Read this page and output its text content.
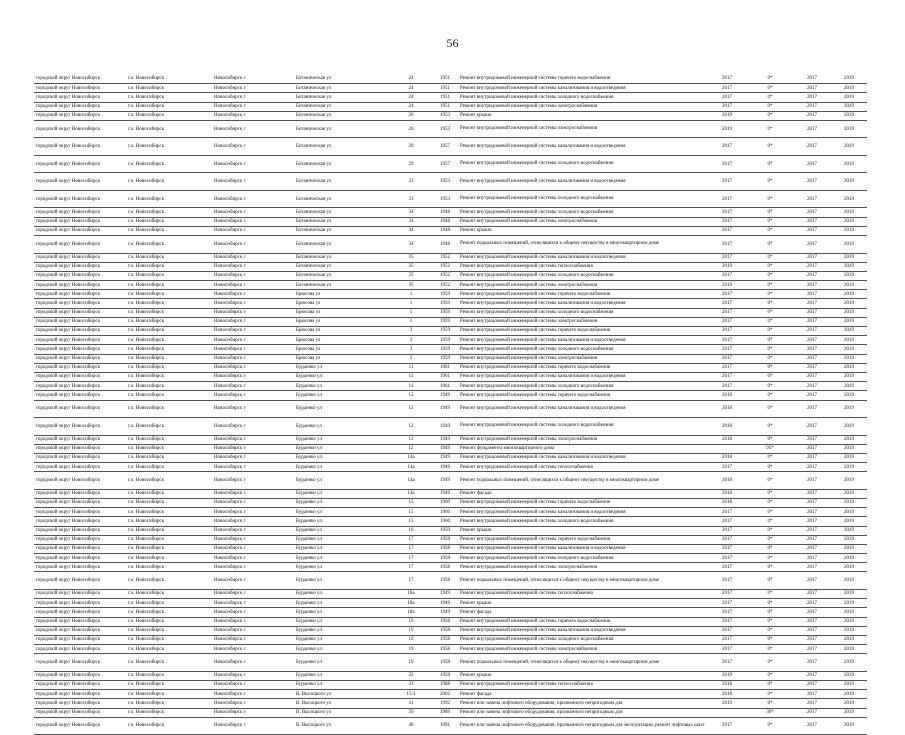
56
городской округ Новосибирск	г.о. Новосибирск	Новосибирск г	Ботаническая ул	24	1951	Ремонт внутридомовой инженерной системы горячего водоснабжения	2017	0*	2017	2019
городской округ Новосибирск	г.о. Новосибирск	Новосибирск г	Ботаническая ул	24	1951	Ремонт внутридомовой инженерной системы канализования и водоотведения	2017	0*	2017	2019
городской округ Новосибирск	г.о. Новосибирск	Новосибирск г	Ботаническая ул	24	1951	Ремонт внутридомовой инженерной системы холодного водоснабжения	2017	0*	2017	2019
городской округ Новосибирск	г.о. Новосибирск	Новосибирск г	Ботаническая ул	24	1951	Ремонт внутридомовой инженерной системы электроснабжения	2017	0*	2017	2019
городской округ Новосибирск	г.о. Новосибирск	Новосибирск г	Ботаническая ул	26	1953	Ремонт крыши	2019	0*	2017	2019
городской округ Новосибирск	г.о. Новосибирск	Новосибирск г	Ботаническая ул	26	1953	Ремонт внутридомовой инженерной системы электроснабжения	2019	0*	2017	2019
городской округ Новосибирск	г.о. Новосибирск	Новосибирск г	Ботаническая ул	29	1957	Ремонт внутридомовой инженерной системы канализования и водоотведения	2017	0*	2017	2019
городской округ Новосибирск	г.о. Новосибирск	Новосибирск г	Ботаническая ул	29	1957	Ремонт внутридомовой инженерной системы холодного водоснабжения	2017	0*	2017	2019
городской округ Новосибирск	г.о. Новосибирск	Новосибирск г	Ботаническая ул	33	1953	Ремонт внутридомовой инженерной системы канализования и водоотведения	2017	0*	2017	2019
городской округ Новосибирск	г.о. Новосибирск	Новосибирск г	Ботаническая ул	33	1953	Ремонт внутридомовой инженерной системы холодного водоснабжения	2017	0*	2017	2019
городской округ Новосибирск	г.о. Новосибирск	Новосибирск г	Ботаническая ул	34	1948	Ремонт внутридомовой инженерной системы холодного водоснабжения	2017	0*	2017	2019
городской округ Новосибирск	г.о. Новосибирск	Новосибирск г	Ботаническая ул	34	1948	Ремонт внутридомовой инженерной системы электроснабжения	2017	0*	2017	2019
городской округ Новосибирск	г.о. Новосибирск	Новосибирск г	Ботаническая ул	34	1948	Ремонт крыши	2017	0*	2017	2019
городской округ Новосибирск	г.о. Новосибирск	Новосибирск г	Ботаническая ул	34	1948	Ремонт подвальных помещений, относящихся к общему имуществу в многоквартирном доме	2017	0*	2017	2019
городской округ Новосибирск	г.о. Новосибирск	Новосибирск г	Ботаническая ул	35	1952	Ремонт внутридомовой инженерной системы канализования и водоотведения	2017	0*	2017	2019
городской округ Новосибирск	г.о. Новосибирск	Новосибирск г	Ботаническая ул	35	1952	Ремонт внутридомовой инженерной системы теплоснабжения	2019	0*	2017	2019
городской округ Новосибирск	г.о. Новосибирск	Новосибирск г	Ботаническая ул	35	1952	Ремонт внутридомовой инженерной системы холодного водоснабжения	2017	0*	2017	2019
городской округ Новосибирск	г.о. Новосибирск	Новосибирск г	Ботаническая ул	35	1952	Ремонт внутридомовой инженерной системы электроснабжения	2019	0*	2017	2019
городской округ Новосибирск	г.о. Новосибирск	Новосибирск г	Брюсова ул	1	1959	Ремонт внутридомовой инженерной системы горячего водоснабжения	2017	0*	2017	2019
городской округ Новосибирск	г.о. Новосибирск	Новосибирск г	Брюсова ул	1	1959	Ремонт внутридомовой инженерной системы канализования и водоотведения	2017	0*	2017	2019
городской округ Новосибирск	г.о. Новосибирск	Новосибирск г	Брюсова ул	1	1959	Ремонт внутридомовой инженерной системы холодного водоснабжения	2017	0*	2017	2019
городской округ Новосибирск	г.о. Новосибирск	Новосибирск г	Брюсова ул	1	1959	Ремонт внутридомовой инженерной системы электроснабжения	2017	0*	2017	2019
городской округ Новосибирск	г.о. Новосибирск	Новосибирск г	Брюсова ул	3	1959	Ремонт внутридомовой инженерной системы горячего водоснабжения	2017	0*	2017	2019
городской округ Новосибирск	г.о. Новосибирск	Новосибирск г	Брюсова ул	3	1959	Ремонт внутридомовой инженерной системы канализования и водоотведения	2017	0*	2017	2019
городской округ Новосибирск	г.о. Новосибирск	Новосибирск г	Брюсова ул	3	1959	Ремонт внутридомовой инженерной системы холодного водоснабжения	2017	0*	2017	2019
городской округ Новосибирск	г.о. Новосибирск	Новосибирск г	Брюсова ул	3	1959	Ремонт внутридомовой инженерной системы электроснабжения	2017	0*	2017	2019
городской округ Новосибирск	г.о. Новосибирск	Новосибирск г	Бурденко ул	11	1961	Ремонт внутридомовой инженерной системы горячего водоснабжения	2017	0*	2017	2019
городской округ Новосибирск	г.о. Новосибирск	Новосибирск г	Бурденко ул	11	1961	Ремонт внутридомовой инженерной системы канализования и водоотведения	2017	0*	2017	2019
городской округ Новосибирск	г.о. Новосибирск	Новосибирск г	Бурденко ул	11	1961	Ремонт внутридомовой инженерной системы холодного водоснабжения	2017	0*	2017	2019
городской округ Новосибирск	г.о. Новосибирск	Новосибирск г	Бурденко ул	12	1949	Ремонт внутридомовой инженерной системы горячего водоснабжения	2018	0*	2017	2019
городской округ Новосибирск	г.о. Новосибирск	Новосибирск г	Бурденко ул	12	1949	Ремонт внутридомовой инженерной системы канализования и водоотведения	2018	0*	2017	2019
городской округ Новосибирск	г.о. Новосибирск	Новосибирск г	Бурденко ул	12	1949	Ремонт внутридомовой инженерной системы холодного водоснабжения	2018	0*	2017	2019
городской округ Новосибирск	г.о. Новосибирск	Новосибирск г	Бурденко ул	12	1949	Ремонт внутридомовой инженерной системы электроснабжения	2018	0*	2017	2019
городской округ Новосибирск	г.о. Новосибирск	Новосибирск г	Бурденко ул	12	1949	Ремонт фундамента многоквартирного дома		95*	2017	2019
городской округ Новосибирск	г.о. Новосибирск	Новосибирск г	Бурденко ул	14а	1949	Ремонт внутридомовой инженерной системы канализования и водоотведения	2018	0*	2017	2019
городской округ Новосибирск	г.о. Новосибирск	Новосибирск г	Бурденко ул	14а	1949	Ремонт внутридомовой инженерной системы теплоснабжения	2017	0*	2017	2019
городской округ Новосибирск	г.о. Новосибирск	Новосибирск г	Бурденко ул	14а	1949	Ремонт подвальных помещений, относящихся к общему имуществу в многоквартирном доме	2018	0*	2017	2019
городской округ Новосибирск	г.о. Новосибирск	Новосибирск г	Бурденко ул	14а	1949	Ремонт фасада	2018	0*	2017	2019
городской округ Новосибирск	г.о. Новосибирск	Новосибирск г	Бурденко ул	15	1960	Ремонт внутридомовой инженерной системы горячего водоснабжения	2018	0*	2017	2019
городской округ Новосибирск	г.о. Новосибирск	Новосибирск г	Бурденко ул	15	1960	Ремонт внутридомовой инженерной системы канализования и водоотведения	2017	0*	2017	2019
городской округ Новосибирск	г.о. Новосибирск	Новосибирск г	Бурденко ул	15	1960	Ремонт внутридомовой инженерной системы холодного водоснабжения	2017	0*	2017	2019
городской округ Новосибирск	г.о. Новосибирск	Новосибирск г	Бурденко ул	16	1950	Ремонт крыши	2017	0*	2017	2019
городской округ Новосибирск	г.о. Новосибирск	Новосибирск г	Бурденко ул	17	1958	Ремонт внутридомовой инженерной системы горячего водоснабжения	2017	0*	2017	2019
городской округ Новосибирск	г.о. Новосибирск	Новосибирск г	Бурденко ул	17	1958	Ремонт внутридомовой инженерной системы канализования и водоотведения	2017	0*	2017	2019
городской округ Новосибирск	г.о. Новосибирск	Новосибирск г	Бурденко ул	17	1958	Ремонт внутридомовой инженерной системы холодного водоснабжения	2017	0*	2017	2019
городской округ Новосибирск	г.о. Новосибирск	Новосибирск г	Бурденко ул	17	1958	Ремонт внутридомовой инженерной системы электроснабжения	2017	0*	2017	2019
городской округ Новосибирск	г.о. Новосибирск	Новосибирск г	Бурденко ул	17	1958	Ремонт подвальных помещений, относящихся к общему имуществу в многоквартирном доме	2017	0*	2017	2019
городской округ Новосибирск	г.о. Новосибирск	Новосибирск г	Бурденко ул	18а	1949	Ремонт внутридомовой инженерной системы теплоснабжения	2017	0*	2017	2019
городской округ Новосибирск	г.о. Новосибирск	Новосибирск г	Бурденко ул	18а	1949	Ремонт крыши	2017	0*	2017	2019
городской округ Новосибирск	г.о. Новосибирск	Новосибирск г	Бурденко ул	18а	1949	Ремонт фасада	2017	0*	2017	2019
городской округ Новосибирск	г.о. Новосибирск	Новосибирск г	Бурденко ул	19	1958	Ремонт внутридомовой инженерной системы горячего водоснабжения	2017	0*	2017	2019
городской округ Новосибирск	г.о. Новосибирск	Новосибирск г	Бурденко ул	19	1958	Ремонт внутридомовой инженерной системы канализования и водоотведения	2017	0*	2017	2019
городской округ Новосибирск	г.о. Новосибирск	Новосибирск г	Бурденко ул	19	1958	Ремонт внутридомовой инженерной системы холодного водоснабжения	2017	0*	2017	2019
городской округ Новосибирск	г.о. Новосибирск	Новосибирск г	Бурденко ул	19	1958	Ремонт внутридомовой инженерной системы электроснабжения	2017	0*	2017	2019
городской округ Новосибирск	г.о. Новосибирск	Новосибирск г	Бурденко ул	19	1958	Ремонт подвальных помещений, относящихся к общему имуществу в многоквартирном доме	2017	0*	2017	2019
городской округ Новосибирск	г.о. Новосибирск	Новосибирск г	Бурденко ул	32	1958	Ремонт крыши	2019	0*	2017	2019
городской округ Новосибирск	г.о. Новосибирск	Новосибирск г	Бурденко ул	33	1988	Ремонт внутридомовой инженерной системы теплоснабжения	2018	0*	2017	2019
городской округ Новосибирск	г.о. Новосибирск	Новосибирск г	В. Высоцкого ул	15/1	2002	Ремонт фасада	2018	0*	2017	2019
городской округ Новосибирск	г.о. Новосибирск	Новосибирск г	В. Высоцкого ул	31	1992	Ремонт или замена лифтового оборудования, признанного непригодным для	2019	0*	2017	2019
городской округ Новосибирск	г.о. Новосибирск	Новосибирск г	В. Высоцкого ул	39	1989	Ремонт или замена лифтового оборудования, признанного непригодным для		30*	2017	2019
городской округ Новосибирск	г.о. Новосибирск	Новосибирск г	В. Высоцкого ул	40	1991	Ремонт или замена лифтового оборудования, признанного непригодным для эксплуатации, ремонт лифтовых шахт	2017	0*	2017	2019
